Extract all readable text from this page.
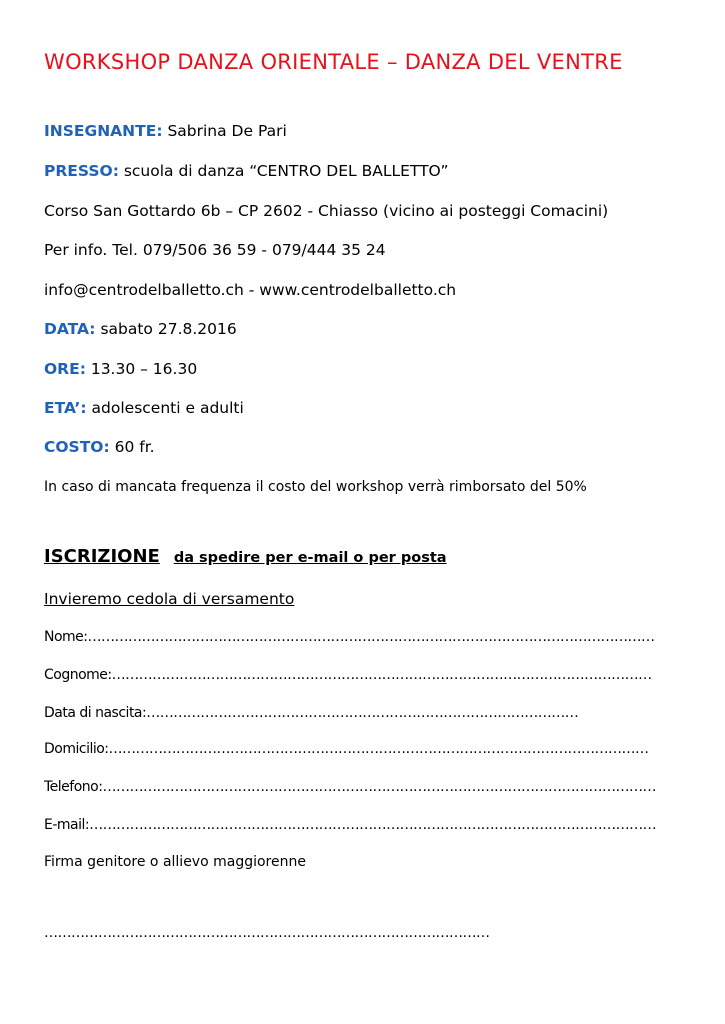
WORKSHOP DANZA ORIENTALE – DANZA DEL VENTRE
INSEGNANTE: Sabrina De Pari
PRESSO: scuola di danza “CENTRO DEL BALLETTO”
Corso San Gottardo 6b – CP 2602 - Chiasso (vicino ai posteggi Comacini)
Per info. Tel. 079/506 36 59 - 079/444 35 24
info@centrodelballetto.ch - www.centrodelballetto.ch
DATA: sabato 27.8.2016
ORE: 13.30 – 16.30
ETA’: adolescenti e adulti
COSTO: 60 fr.
In caso di mancata frequenza il costo del workshop verrà rimborsato del 50%
ISCRIZIONE da spedire per e-mail o per posta
Invieremo cedola di versamento
Nome:………………………………………………………………………………………………………………
Cognome:…………………………………………………………………………………………………………
Data di nascita:……………………………………………………………………………………
Domicilio:…………………………………………………………………………………………………………
Telefono:……………………………………………………………………………………………………………
E-mail:………………………………………………………………………………………………………………
Firma genitore o allievo maggiorenne
………………………………………………………………………………………
